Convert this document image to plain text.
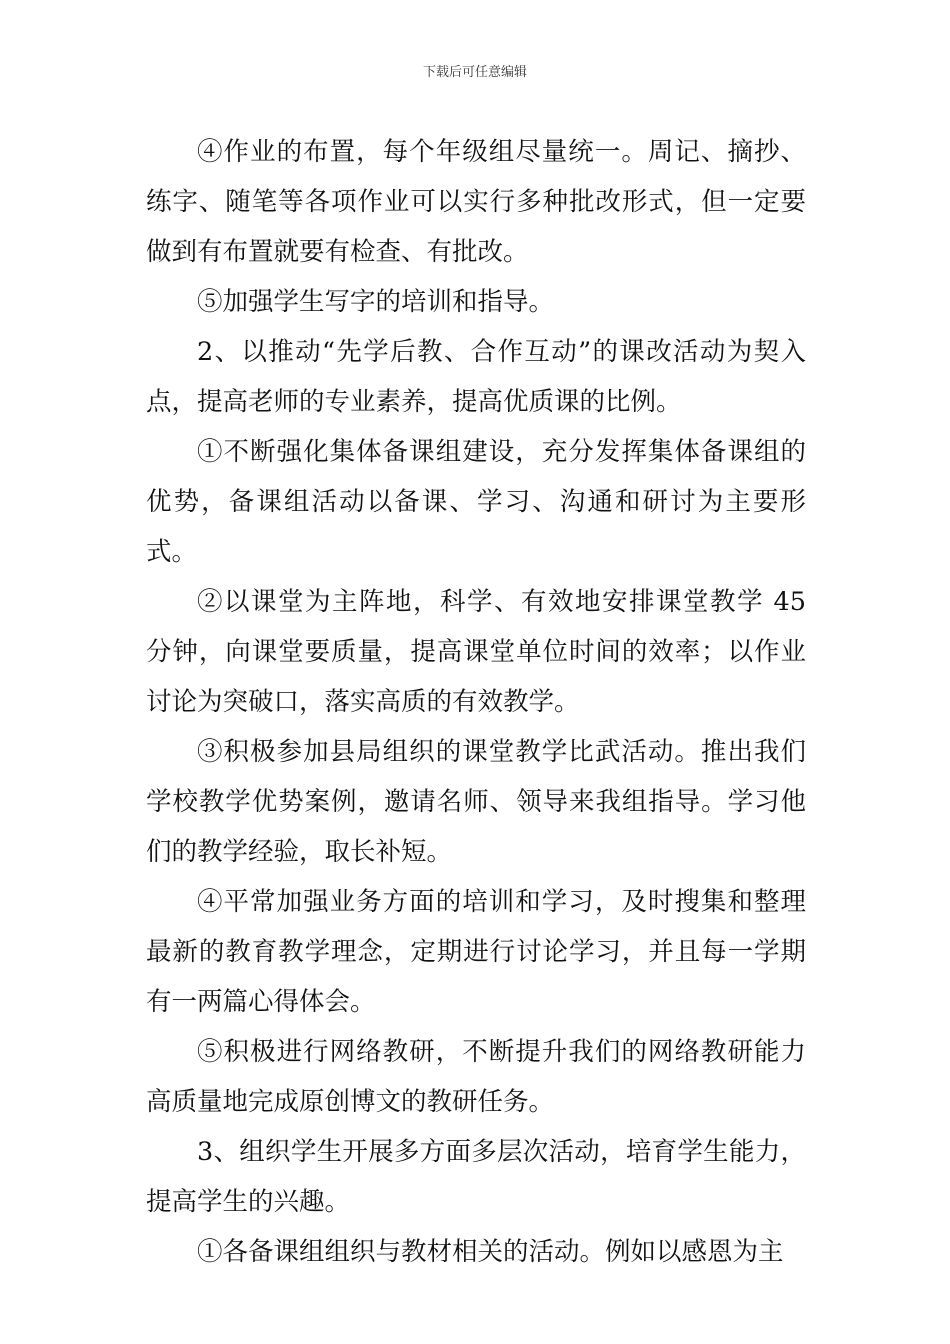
下载后可任意编辑

④作业的布置，每个年级组尽量统一。周记、摘抄、练字、随笔等各项作业可以实行多种批改形式，但一定要做到有布置就要有检查、有批改。

⑤加强学生写字的培训和指导。

2、以推动“先学后教、合作互动”的课改活动为契入点，提高老师的专业素养，提高优质课的比例。

①不断强化集体备课组建设，充分发挥集体备课组的优势，备课组活动以备课、学习、沟通和研讨为主要形式。

②以课堂为主阵地，科学、有效地安排课堂教学 45 分钟，向课堂要质量，提高课堂单位时间的效率；以作业讨论为突破口，落实高质的有效教学。

③积极参加县局组织的课堂教学比武活动。推出我们学校教学优势案例，邀请名师、领导来我组指导。学习他们的教学经验，取长补短。

④平常加强业务方面的培训和学习，及时搜集和整理最新的教育教学理念，定期进行讨论学习，并且每一学期有一两篇心得体会。

⑤积极进行网络教研，不断提升我们的网络教研能力高质量地完成原创博文的教研任务。

3、组织学生开展多方面多层次活动，培育学生能力，提高学生的兴趣。

①各备课组组织与教材相关的活动。例如以感恩为主
